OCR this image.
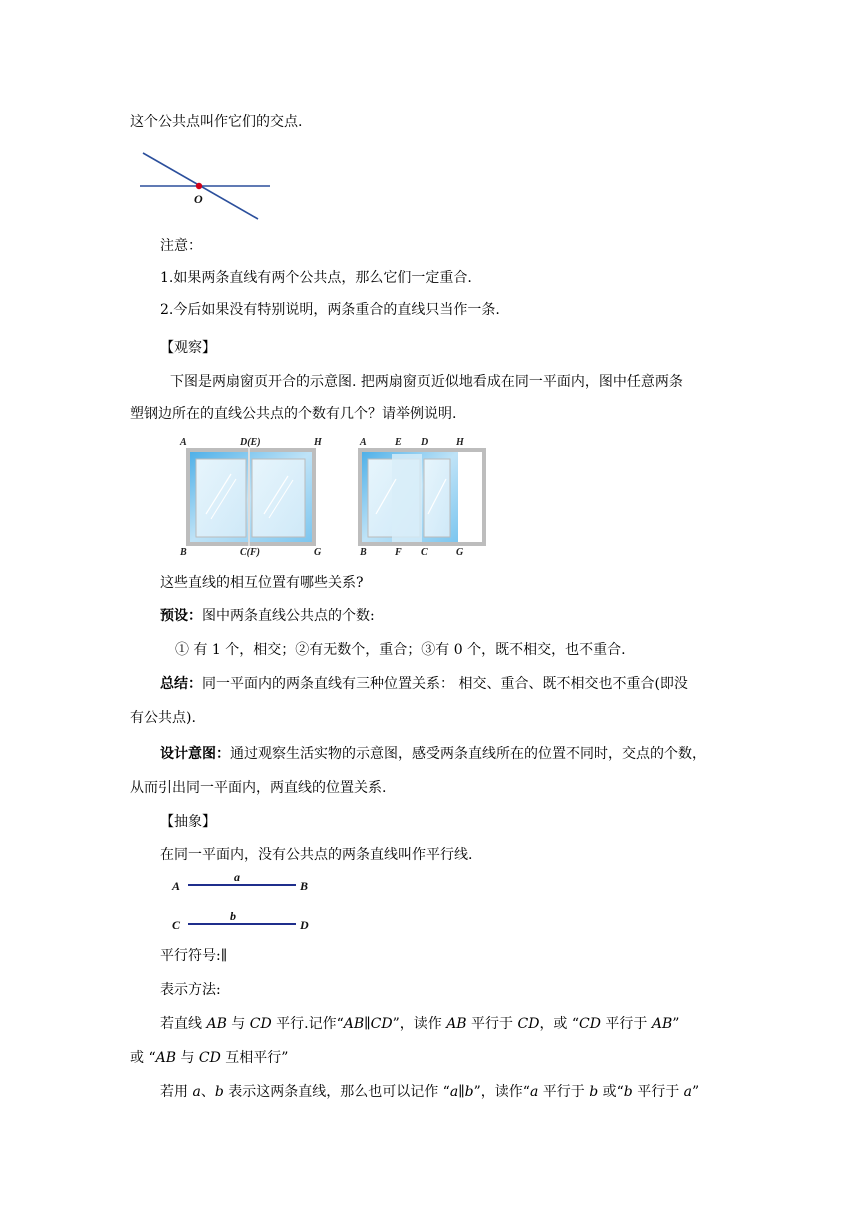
这个公共点叫作它们的交点.
O
注意：
1.如果两条直线有两个公共点，那么它们一定重合.
2.今后如果没有特别说明，两条重合的直线只当作一条.
【观察】
下图是两扇窗页开合的示意图. 把两扇窗页近似地看成在同一平面内，图中任意两条
塑钢边所在的直线公共点的个数有几个？请举例说明.
A	D(E)	H
B	C(F)	G
A	E D	H
B	F C	G
这些直线的相互位置有哪些关系?
预设：图中两条直线公共点的个数:
① 有 1 个，相交；②有无数个，重合；③有 0 个，既不相交，也不重合.
总结：同一平面内的两条直线有三种位置关系： 相交、重合、既不相交也不重合(即没
有公共点).
设计意图：通过观察生活实物的示意图，感受两条直线所在的位置不同时，交点的个数，
从而引出同一平面内，两直线的位置关系.
【抽象】
在同一平面内，没有公共点的两条直线叫作平行线.
A
a
B
C
b
D
平行符号:∥
表示方法:
若直线 AB 与 CD 平行.记作“AB∥CD”，读作 AB 平行于 CD，或 “CD 平行于 AB”
或 “AB 与 CD 互相平行”
若用 a、b 表示这两条直线，那么也可以记作 “a∥b”，读作“a 平行于 b 或“b 平行于 a”
